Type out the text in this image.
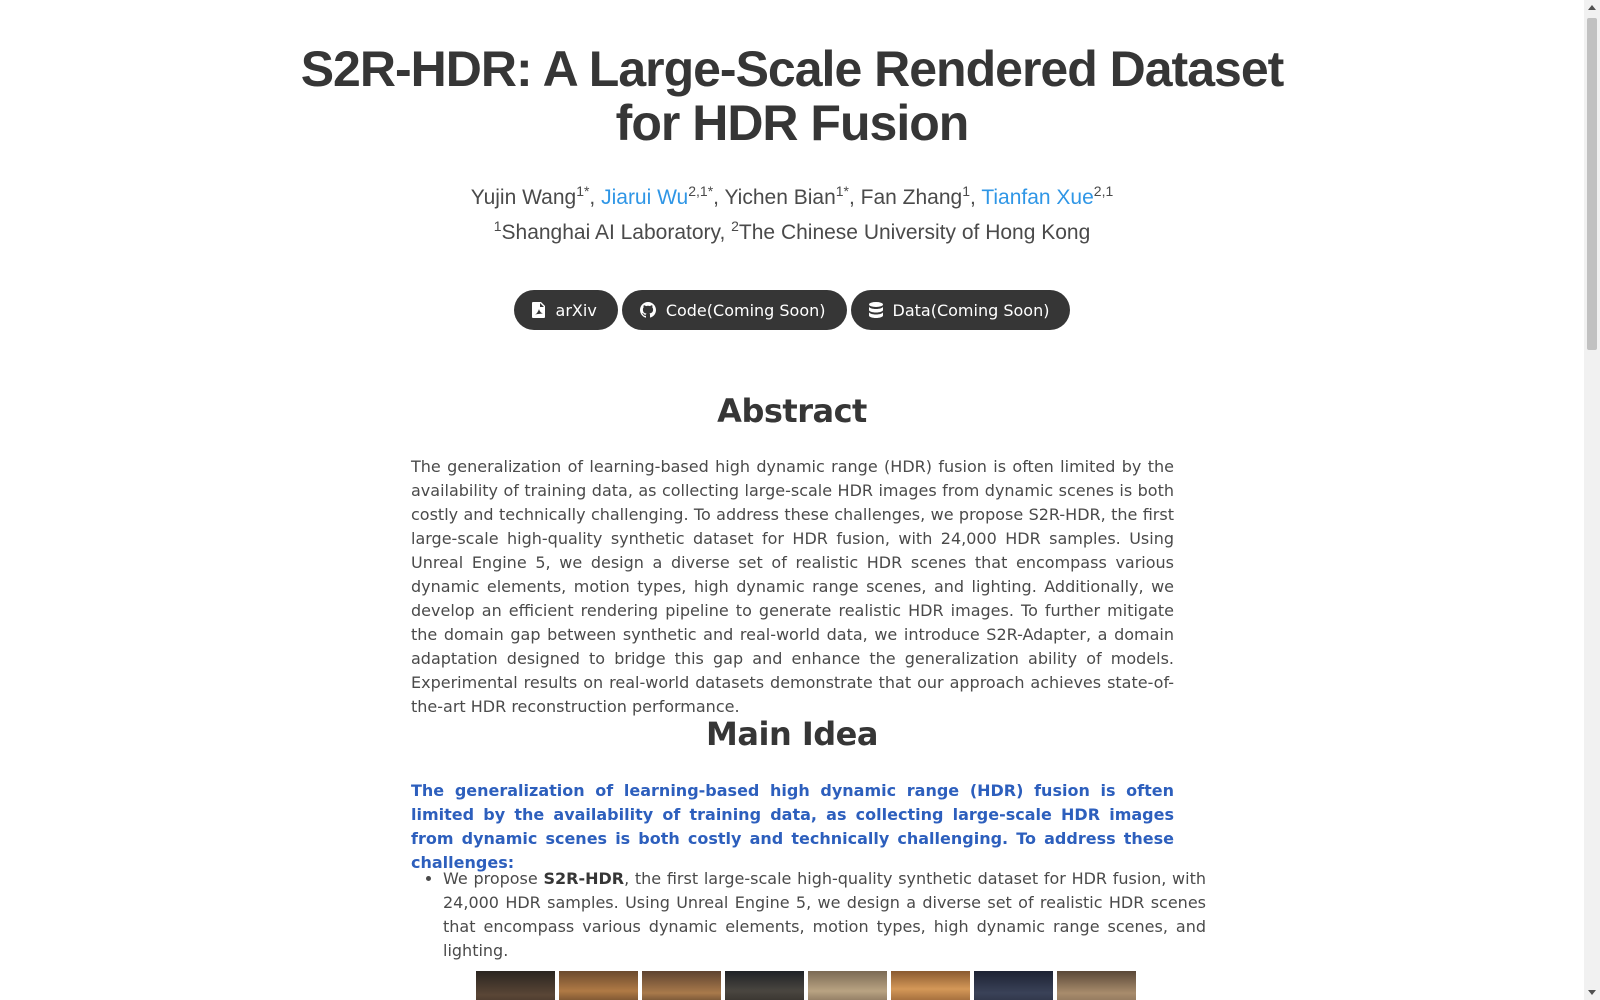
S2R-HDR: A Large-Scale Rendered Dataset
for HDR Fusion
Yujin Wang$^{1*}$, Jiarui $Wu^{2,1*}$, Yichen Bian$^{1*}$, Fan Zhang$^1$, Tianfan Xue$^{2,1}$
$^1$Shanghai AI Laboratory, $^2$The Chinese University of Hong Kong
arXiv	Code(Coming Soon)	Data(Coming Soon)
Abstract

The generalization of learning-based high dynamic range (HDR) fusion is often limited by the availability of training data, as collecting large-scale HDR images from dynamic scenes is both costly and technically challenging. To address these challenges, we propose S2R-HDR, the first large-scale high-quality synthetic dataset for HDR fusion, with 24,000 HDR samples. Using Unreal Engine 5, we design a diverse set of realistic HDR scenes that encompass various dynamic elements, motion types, high dynamic range scenes, and lighting. Additionally, we develop an efficient rendering pipeline to generate realistic HDR images. To further mitigate the domain gap between synthetic and real-world data, we introduce S2R-Adapter, a domain adaptation designed to bridge this gap and enhance the generalization ability of models. Experimental results on real-world datasets demonstrate that our approach achieves state-of-the-art HDR reconstruction performance.

Main Idea

The generalization of learning-based high dynamic range (HDR) fusion is often limited by the availability of training data, as collecting large-scale HDR images from dynamic scenes is both costly and technically challenging. To address these challenges:

• We propose S2R-HDR, the first large-scale high-quality synthetic dataset for HDR fusion, with 24,000 HDR samples. Using Unreal Engine 5, we design a diverse set of realistic HDR scenes that encompass various dynamic elements, motion types, high dynamic range scenes, and lighting.
